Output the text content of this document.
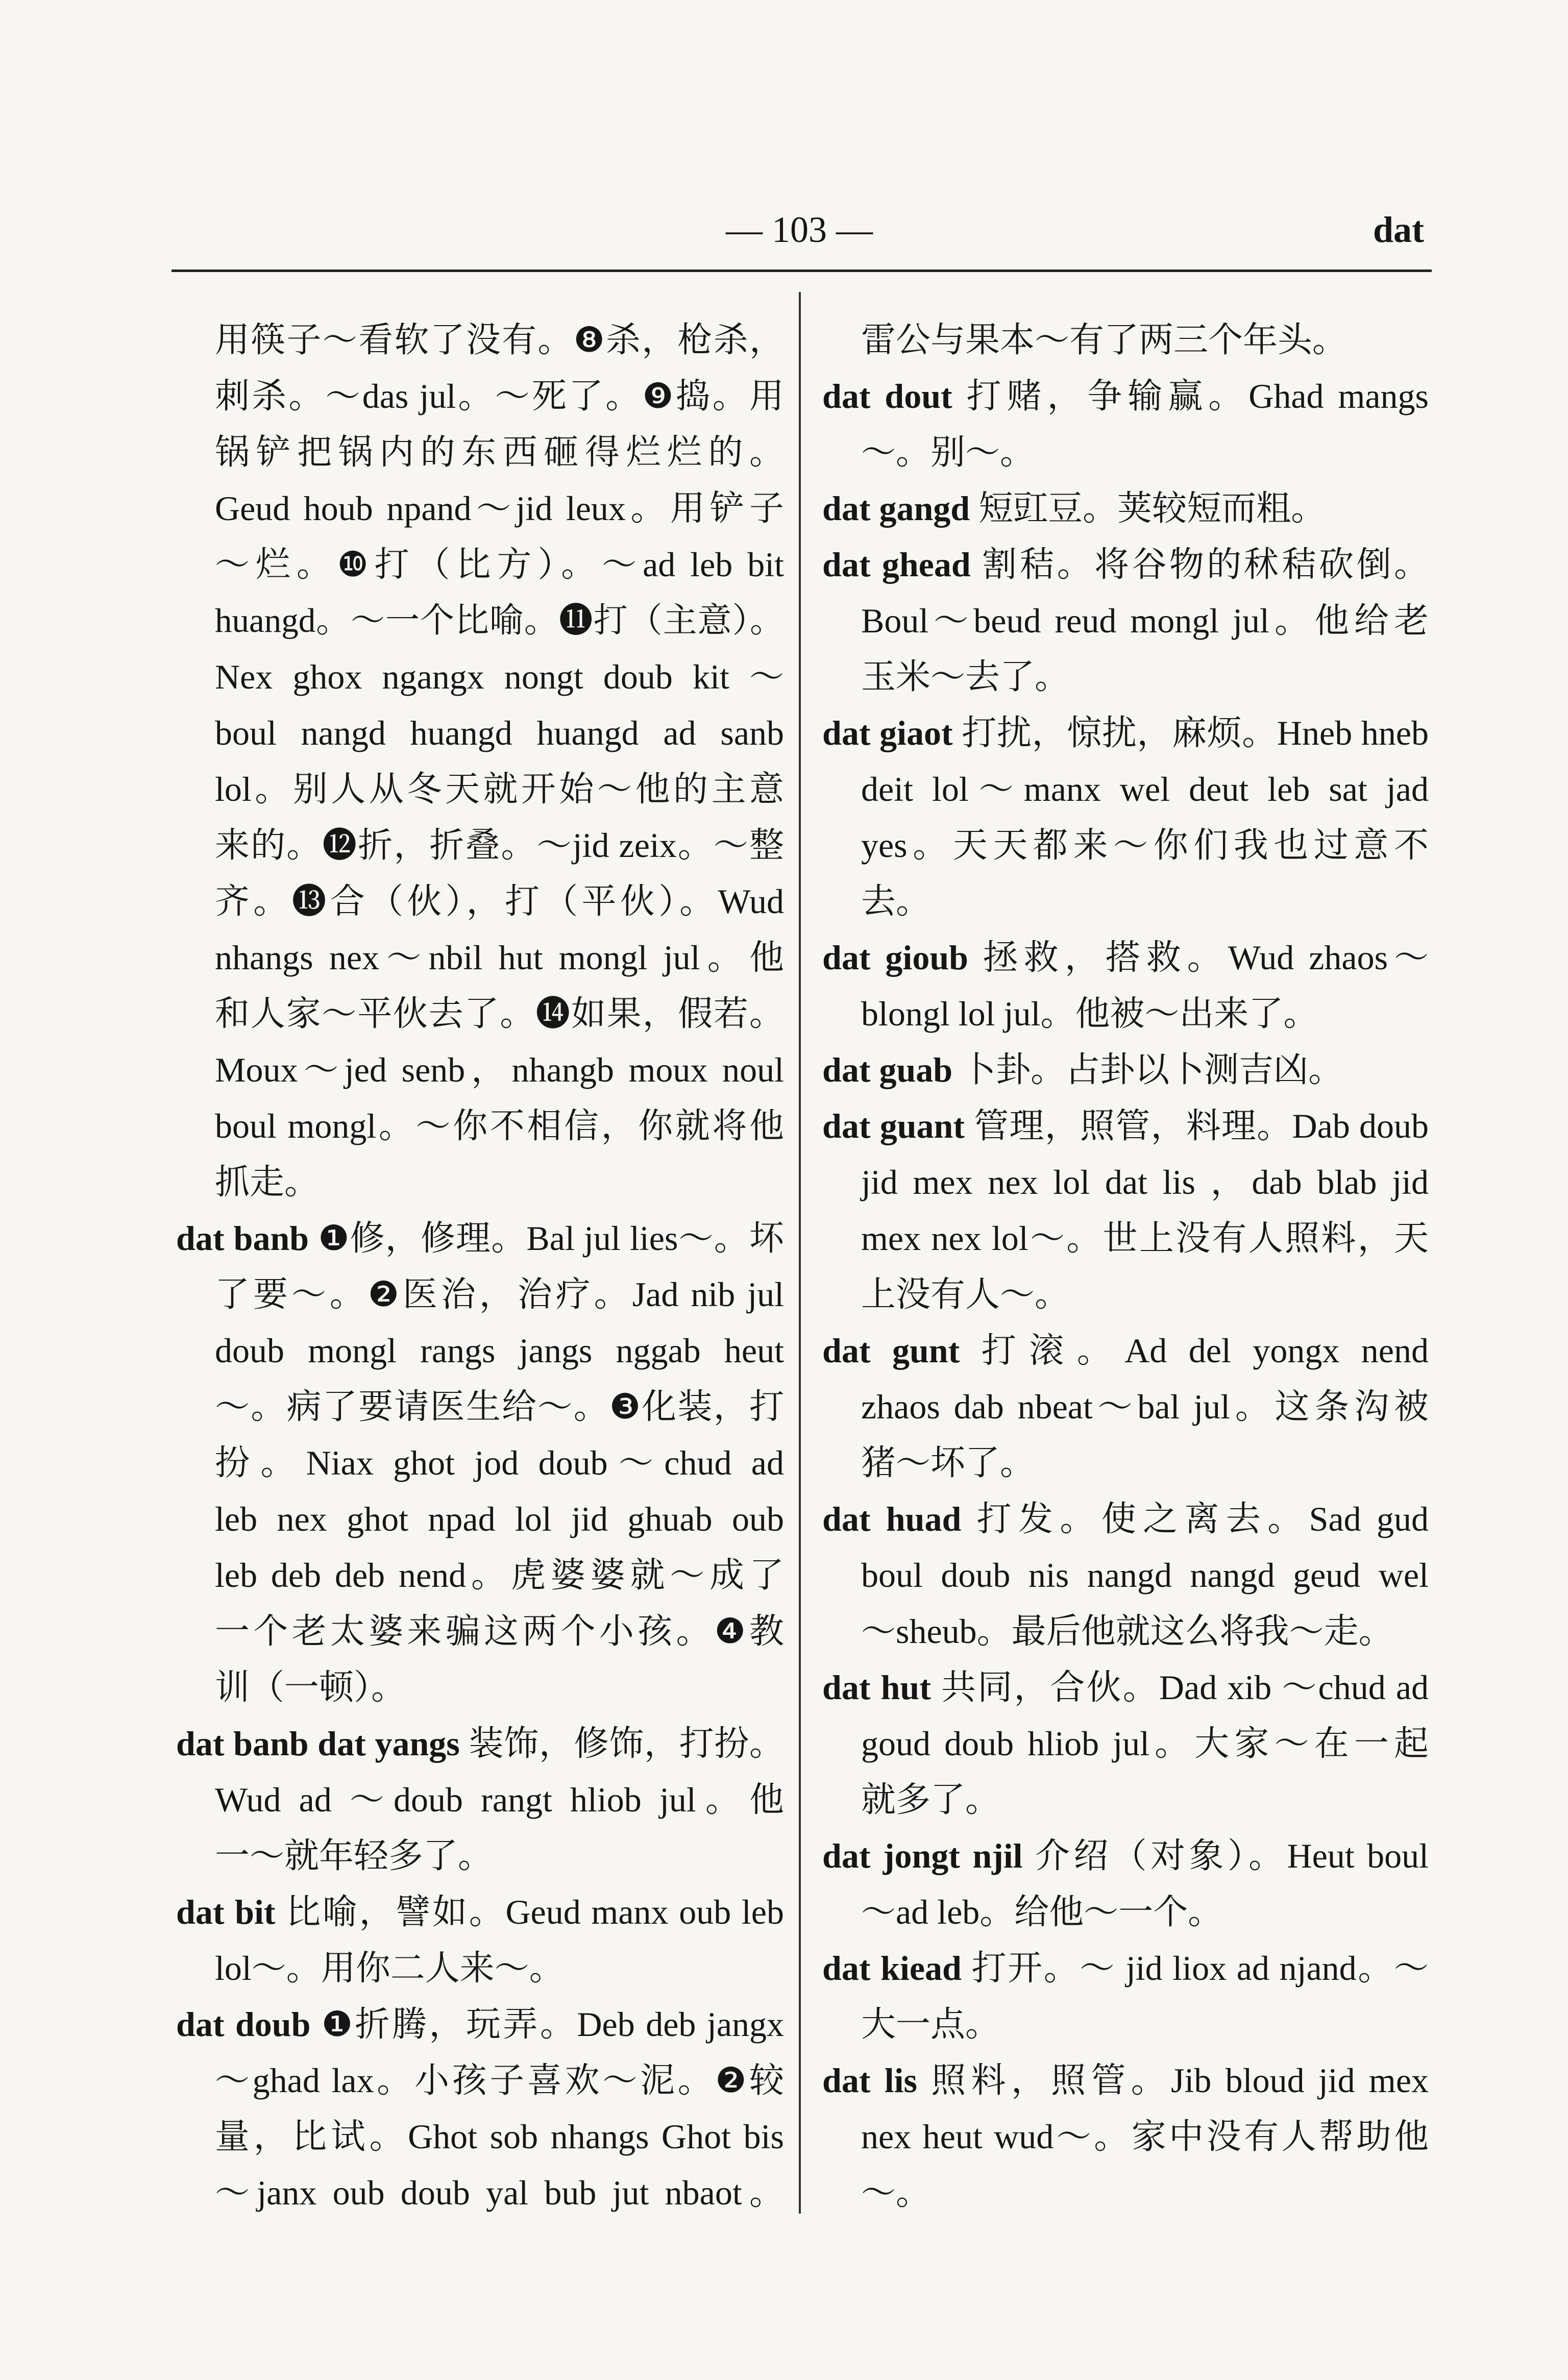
— 103 —	dat
用筷子～看软了没有。❽杀，枪杀，
刺杀。～das jul。～死了。❾捣。用
锅铲把锅内的东西砸得烂烂的。
Geud houb npand～jid leux。用铲子
～烂。❿打（比方）。～ad leb bit
huangd。～一个比喻。⓫打（主意）。
Nex ghox ngangx nongt doub kit ～
boul nangd huangd huangd ad sanb
lol。别人从冬天就开始～他的主意
来的。⓬折，折叠。～jid zeix。～整
齐。⓭合（伙），打（平伙）。Wud
nhangs nex～nbil hut mongl jul。他
和人家～平伙去了。⓮如果，假若。
Moux～jed senb，nhangb moux noul
boul mongl。～你不相信，你就将他
抓走。
dat banb ❶修，修理。Bal jul lies～。坏
了要～。❷医治，治疗。Jad nib jul
doub mongl rangs jangs nggab heut
～。病了要请医生给～。❸化装，打
扮。Niax ghot jod doub～chud ad
leb nex ghot npad lol jid ghuab oub
leb deb deb nend。虎婆婆就～成了
一个老太婆来骗这两个小孩。❹教
训（一顿）。
dat banb dat yangs 装饰，修饰，打扮。
Wud ad ～doub rangt hliob jul。他
一～就年轻多了。
dat bit 比喻，譬如。Geud manx oub leb
lol～。用你二人来～。
dat doub ❶折腾，玩弄。Deb deb jangx
～ghad lax。小孩子喜欢～泥。❷较
量，比试。Ghot sob nhangs Ghot bis
～janx oub doub yal bub jut nbaot。
雷公与果本～有了两三个年头。
dat dout 打赌，争输赢。Ghad mangs
～。别～。
dat gangd 短豇豆。荚较短而粗。
dat ghead 割秸。将谷物的秫秸砍倒。
Boul～beud reud mongl jul。他给老
玉米～去了。
dat giaot 打扰，惊扰，麻烦。Hneb hneb
deit lol～manx wel deut leb sat jad
yes。天天都来～你们我也过意不
去。
dat gioub 拯救，搭救。Wud zhaos～
blongl lol jul。他被～出来了。
dat guab 卜卦。占卦以卜测吉凶。
dat guant 管理，照管，料理。Dab doub
jid mex nex lol dat lis ，dab blab jid
mex nex lol～。世上没有人照料，天
上没有人～。
dat gunt 打滚。Ad del yongx nend
zhaos dab nbeat～bal jul。这条沟被
猪～坏了。
dat huad 打发。使之离去。Sad gud
boul doub nis nangd nangd geud wel
～sheub。最后他就这么将我～走。
dat hut 共同，合伙。Dad xib ～chud ad
goud doub hliob jul。大家～在一起
就多了。
dat jongt njil 介绍（对象）。Heut boul
～ad leb。给他～一个。
dat kiead 打开。～ jid liox ad njand。～
大一点。
dat lis 照料，照管。Jib bloud jid mex
nex heut wud～。家中没有人帮助他
～。
